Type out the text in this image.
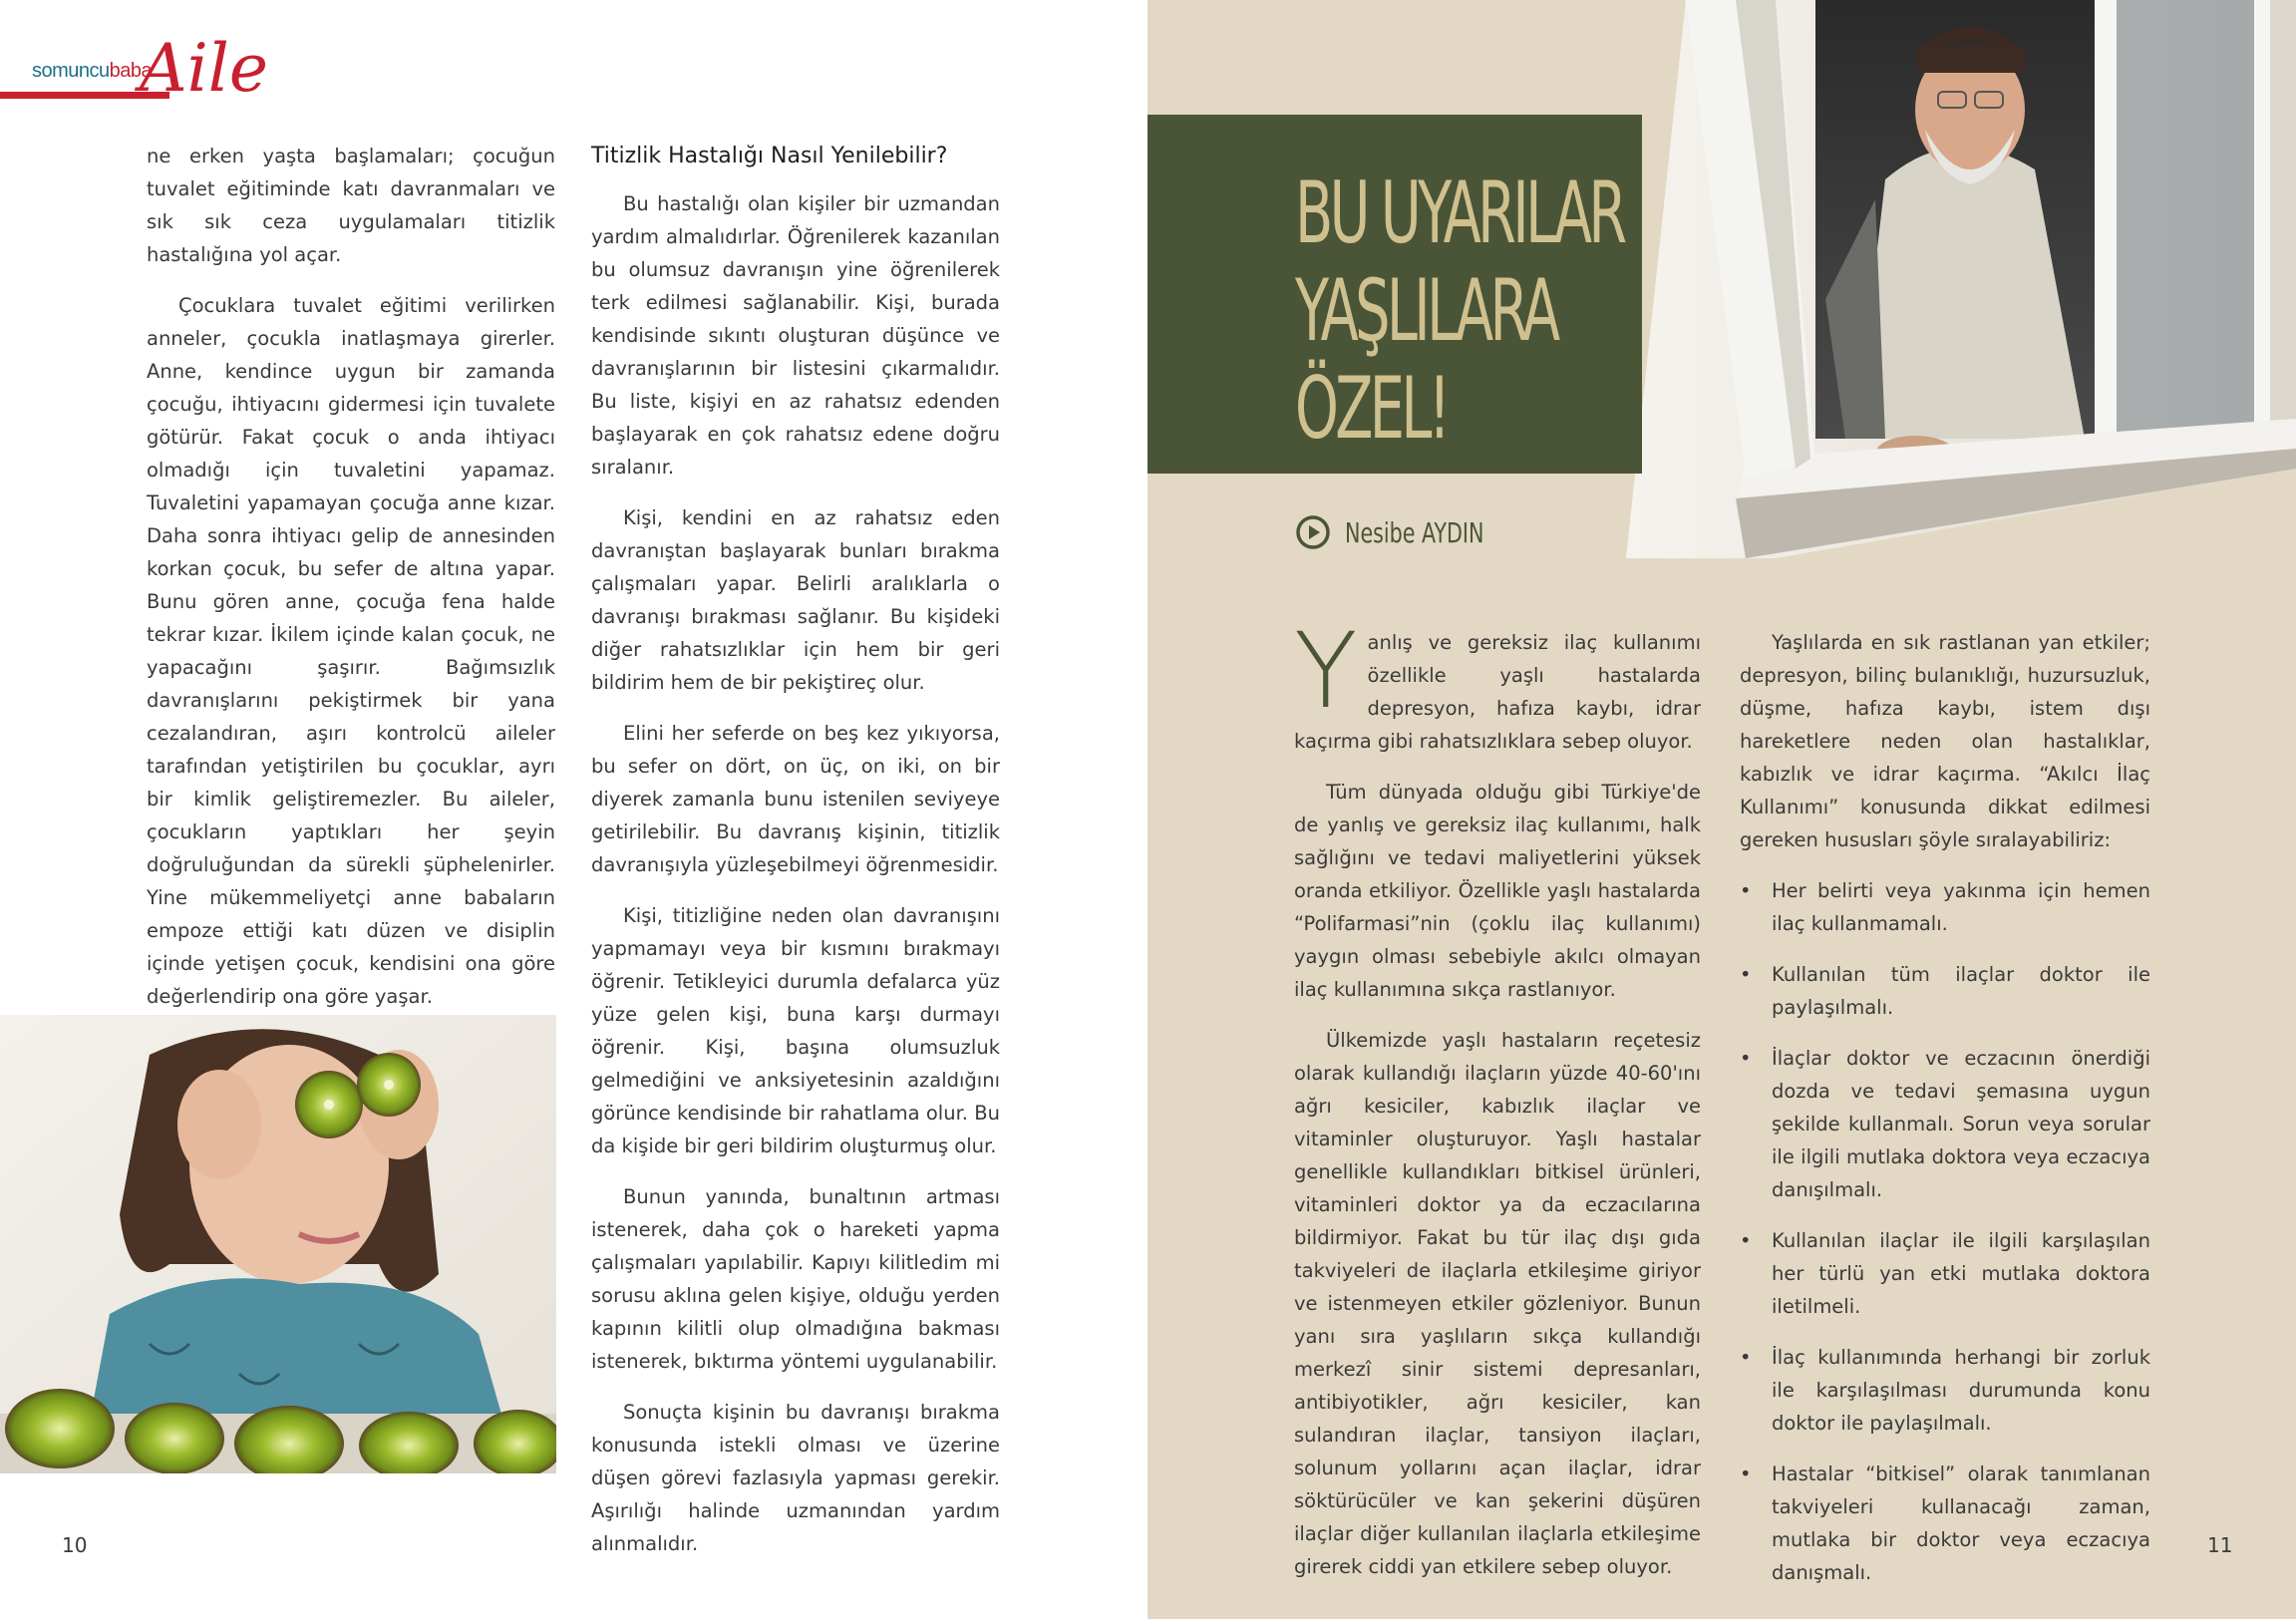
somuncubaba
Aile

ne erken yaşta başlamaları; çocuğun tuvalet eğitiminde katı davranmaları ve sık sık ceza uygulamaları titizlik hastalığına yol açar.

Çocuklara tuvalet eğitimi verilirken anneler, çocukla inatlaşmaya girerler. Anne, kendince uygun bir zamanda çocuğu, ihtiyacını gidermesi için tuvalete götürür. Fakat çocuk o anda ihtiyacı olmadığı için tuvaletini yapamaz. Tuvaletini yapamayan çocuğa anne kızar. Daha sonra ihtiyacı gelip de annesinden korkan çocuk, bu sefer de altına yapar. Bunu gören anne, çocuğa fena halde tekrar kızar. İkilem içinde kalan çocuk, ne yapacağını şaşırır. Bağımsızlık davranışlarını pekiştirmek bir yana cezalandıran, aşırı kontrolcü aileler tarafından yetiştirilen bu çocuklar, ayrı bir kimlik geliştiremezler. Bu aileler, çocukların yaptıkları her şeyin doğruluğundan da sürekli şüphelenirler. Yine mükemmeliyetçi anne babaların empoze ettiği katı düzen ve disiplin içinde yetişen çocuk, kendisini ona göre değerlendirip ona göre yaşar.

Titizlik Hastalığı Nasıl Yenilebilir?

Bu hastalığı olan kişiler bir uzmandan yardım almalıdırlar. Öğrenilerek kazanılan bu olumsuz davranışın yine öğrenilerek terk edilmesi sağlanabilir. Kişi, burada kendisinde sıkıntı oluşturan düşünce ve davranışlarının bir listesini çıkarmalıdır. Bu liste, kişiyi en az rahatsız edenden başlayarak en çok rahatsız edene doğru sıralanır.

Kişi, kendini en az rahatsız eden davranıştan başlayarak bunları bırakma çalışmaları yapar. Belirli aralıklarla o davranışı bırakması sağlanır. Bu kişideki diğer rahatsızlıklar için hem bir geri bildirim hem de bir pekiştireç olur.

Elini her seferde on beş kez yıkıyorsa, bu sefer on dört, on üç, on iki, on bir diyerek zamanla bunu istenilen seviyeye getirilebilir. Bu davranış kişinin, titizlik davranışıyla yüzleşebilmeyi öğrenmesidir.

Kişi, titizliğine neden olan davranışını yapmamayı veya bir kısmını bırakmayı öğrenir. Tetikleyici durumla defalarca yüz yüze gelen kişi, buna karşı durmayı öğrenir. Kişi, başına olumsuzluk gelmediğini ve anksiyetesinin azaldığını görünce kendisinde bir rahatlama olur. Bu da kişide bir geri bildirim oluşturmuş olur.

Bunun yanında, bunaltının artması istenerek, daha çok o hareketi yapma çalışmaları yapılabilir. Kapıyı kilitledim mi sorusu aklına gelen kişiye, olduğu yerden kapının kilitli olup olmadığına bakması istenerek, bıktırma yöntemi uygulanabilir.

Sonuçta kişinin bu davranışı bırakma konusunda istekli olması ve üzerine düşen görevi fazlasıyla yapması gerekir. Aşırılığı halinde uzmanından yardım alınmalıdır.

10
BU UYARILAR
YAŞLILARA
ÖZEL!
Nesibe AYDIN

Yanlış ve gereksiz ilaç kullanımı özellikle yaşlı hastalarda depresyon, hafıza kaybı, idrar kaçırma gibi rahatsızlıklara sebep oluyor.

Tüm dünyada olduğu gibi Türkiye'de de yanlış ve gereksiz ilaç kullanımı, halk sağlığını ve tedavi maliyetlerini yüksek oranda etkiliyor. Özellikle yaşlı hastalarda “Polifarmasi”nin (çoklu ilaç kullanımı) yaygın olması sebebiyle akılcı olmayan ilaç kullanımına sıkça rastlanıyor.

Ülkemizde yaşlı hastaların reçetesiz olarak kullandığı ilaçların yüzde 40-60'ını ağrı kesiciler, kabızlık ilaçlar ve vitaminler oluşturuyor. Yaşlı hastalar genellikle kullandıkları bitkisel ürünleri, vitaminleri doktor ya da eczacılarına bildirmiyor. Fakat bu tür ilaç dışı gıda takviyeleri de ilaçlarla etkileşime giriyor ve istenmeyen etkiler gözleniyor. Bunun yanı sıra yaşlıların sıkça kullandığı merkezî sinir sistemi depresanları, antibiyotikler, ağrı kesiciler, kan sulandıran ilaçlar, tansiyon ilaçları, solunum yollarını açan ilaçlar, idrar söktürücüler ve kan şekerini düşüren ilaçlar diğer kullanılan ilaçlarla etkileşime girerek ciddi yan etkilere sebep oluyor.

Yaşlılarda en sık rastlanan yan etkiler; depresyon, bilinç bulanıklığı, huzursuzluk, düşme, hafıza kaybı, istem dışı hareketlere neden olan hastalıklar, kabızlık ve idrar kaçırma. “Akılcı İlaç Kullanımı” konusunda dikkat edilmesi gereken hususları şöyle sıralayabiliriz:

• Her belirti veya yakınma için hemen ilaç kullanmamalı.
• Kullanılan tüm ilaçlar doktor ile paylaşılmalı.
• İlaçlar doktor ve eczacının önerdiği dozda ve tedavi şemasına uygun şekilde kullanmalı. Sorun veya sorular ile ilgili mutlaka doktora veya eczacıya danışılmalı.
• Kullanılan ilaçlar ile ilgili karşılaşılan her türlü yan etki mutlaka doktora iletilmeli.
• İlaç kullanımında herhangi bir zorluk ile karşılaşılması durumunda konu doktor ile paylaşılmalı.
• Hastalar “bitkisel” olarak tanımlanan takviyeleri kullanacağı zaman, mutlaka bir doktor veya eczacıya danışmalı.
11
